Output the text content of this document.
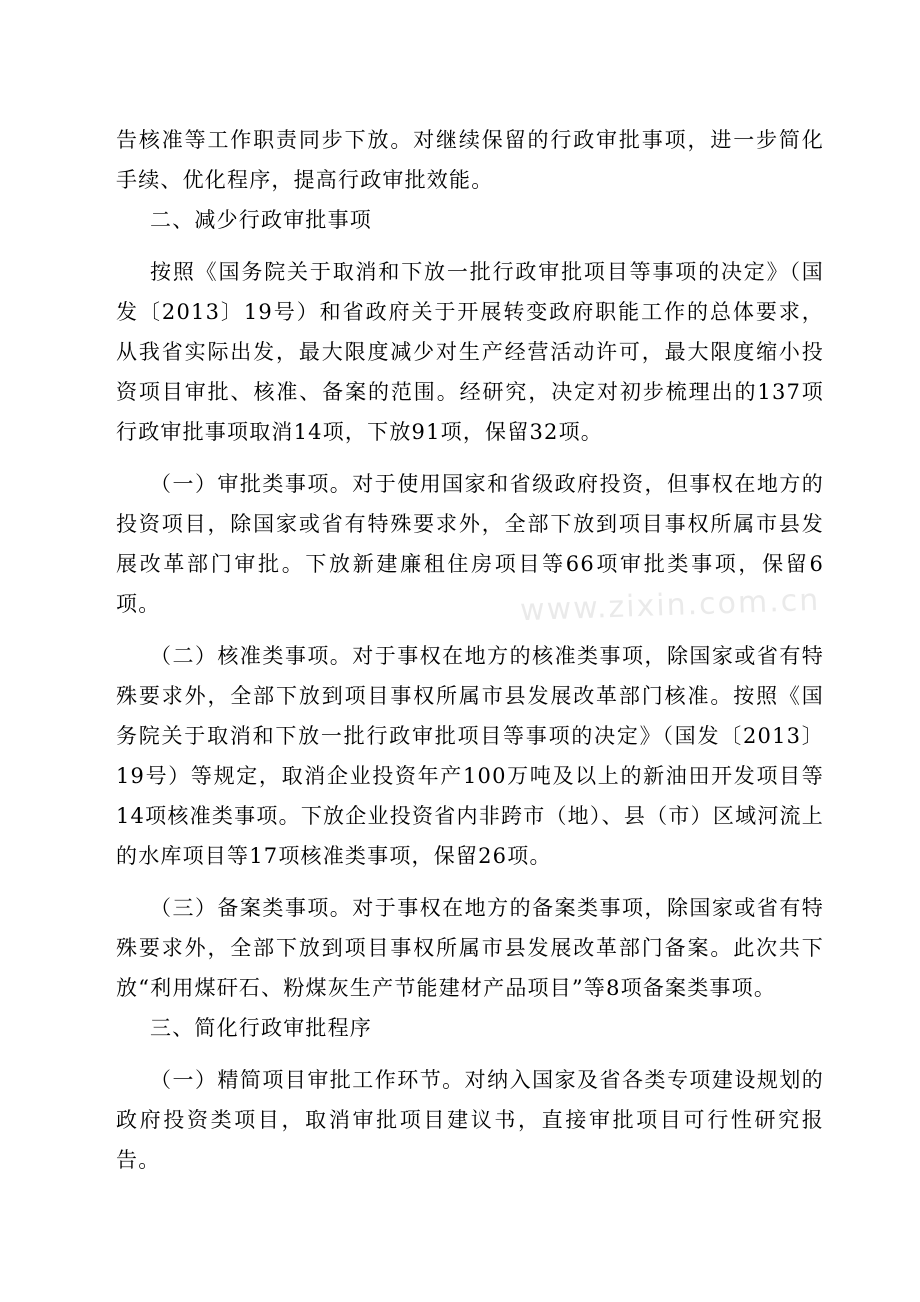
告核准等工作职责同步下放。对继续保留的行政审批事项，进一步简化手续、优化程序，提高行政审批效能。

二、减少行政审批事项

按照《国务院关于取消和下放一批行政审批项目等事项的决定》（国发〔2013〕19号）和省政府关于开展转变政府职能工作的总体要求，从我省实际出发，最大限度减少对生产经营活动许可，最大限度缩小投资项目审批、核准、备案的范围。经研究，决定对初步梳理出的137项行政审批事项取消14项，下放91项，保留32项。

（一）审批类事项。对于使用国家和省级政府投资，但事权在地方的投资项目，除国家或省有特殊要求外，全部下放到项目事权所属市县发展改革部门审批。下放新建廉租住房项目等66项审批类事项，保留6项。

（二）核准类事项。对于事权在地方的核准类事项，除国家或省有特殊要求外，全部下放到项目事权所属市县发展改革部门核准。按照《国务院关于取消和下放一批行政审批项目等事项的决定》（国发〔2013〕19号）等规定，取消企业投资年产100万吨及以上的新油田开发项目等14项核准类事项。下放企业投资省内非跨市（地）、县（市）区域河流上的水库项目等17项核准类事项，保留26项。

（三）备案类事项。对于事权在地方的备案类事项，除国家或省有特殊要求外，全部下放到项目事权所属市县发展改革部门备案。此次共下放“利用煤矸石、粉煤灰生产节能建材产品项目”等8项备案类事项。

三、简化行政审批程序

（一）精简项目审批工作环节。对纳入国家及省各类专项建设规划的政府投资类项目，取消审批项目建议书，直接审批项目可行性研究报告。

www.zixin.com.cn
